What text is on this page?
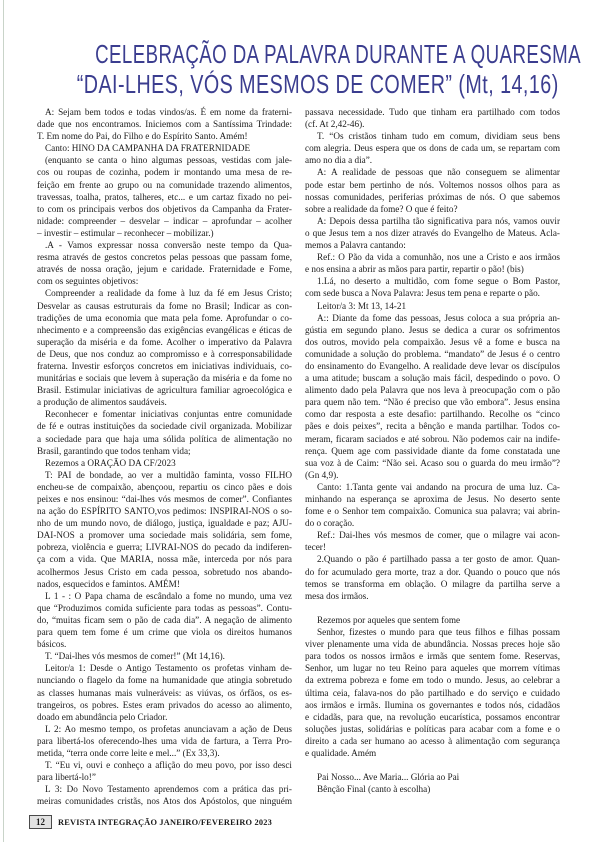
CELEBRAÇÃO DA PALAVRA DURANTE A QUARESMA
“DAI-LHES, VÓS MESMOS DE COMER” (Mt, 14,16)
A: Sejam bem todos e todas vindos/as. É em nome da fraterni-
dade que nos encontramos. Iniciemos com a Santíssima Trindade:
T. Em nome do Pai, do Filho e do Espírito Santo. Amém!
Canto: HINO DA CAMPANHA DA FRATERNIDADE
(enquanto se canta o hino algumas pessoas, vestidas com jale-
cos ou roupas de cozinha, podem ir montando uma mesa de re-
feição em frente ao grupo ou na comunidade trazendo alimentos,
travessas, toalha, pratos, talheres, etc... e um cartaz fixado no pei-
to com os principais verbos dos objetivos da Campanha da Frater-
nidade: compreender – desvelar – indicar – aprofundar – acolher
– investir – estimular – reconhecer – mobilizar.)
.A - Vamos expressar nossa conversão neste tempo da Qua-
resma através de gestos concretos pelas pessoas que passam fome,
através de nossa oração, jejum e caridade. Fraternidade e Fome,
com os seguintes objetivos:
Compreender a realidade da fome à luz da fé em Jesus Cristo;
Desvelar as causas estruturais da fome no Brasil; Indicar as con-
tradições de uma economia que mata pela fome. Aprofundar o co-
nhecimento e a compreensão das exigências evangélicas e éticas de
superação da miséria e da fome. Acolher o imperativo da Palavra
de Deus, que nos conduz ao compromisso e à corresponsabilidade
fraterna. Investir esforços concretos em iniciativas individuais, co-
munitárias e sociais que levem à superação da miséria e da fome no
Brasil. Estimular iniciativas de agricultura familiar agroecológica e
a produção de alimentos saudáveis.
Reconhecer e fomentar iniciativas conjuntas entre comunidade
de fé e outras instituições da sociedade civil organizada. Mobilizar
a sociedade para que haja uma sólida política de alimentação no
Brasil, garantindo que todos tenham vida;
Rezemos a ORAÇÃO DA CF/2023
T: PAI de bondade, ao ver a multidão faminta, vosso FILHO
encheu-se de compaixão, abençoou, repartiu os cinco pães e dois
peixes e nos ensinou: “dai-lhes vós mesmos de comer”. Confiantes
na ação do ESPÍRITO SANTO,vos pedimos: INSPIRAI-NOS o so-
nho de um mundo novo, de diálogo, justiça, igualdade e paz; AJU-
DAI-NOS a promover uma sociedade mais solidária, sem fome,
pobreza, violência e guerra; LIVRAI-NOS do pecado da indiferen-
ça com a vida. Que MARIA, nossa mãe, interceda por nós para
acolhermos Jesus Cristo em cada pessoa, sobretudo nos abando-
nados, esquecidos e famintos. AMÉM!
L 1 - : O Papa chama de escândalo a fome no mundo, uma vez
que “Produzimos comida suficiente para todas as pessoas”. Contu-
do, “muitas ficam sem o pão de cada dia”. A negação de alimento
para quem tem fome é um crime que viola os direitos humanos
básicos.
T. “Dai-lhes vós mesmos de comer!” (Mt 14,16).
Leitor/a 1: Desde o Antigo Testamento os profetas vinham de-
nunciando o flagelo da fome na humanidade que atingia sobretudo
as classes humanas mais vulneráveis: as viúvas, os órfãos, os es-
trangeiros, os pobres. Estes eram privados do acesso ao alimento,
doado em abundância pelo Criador.
L 2: Ao mesmo tempo, os profetas anunciavam a ação de Deus
para libertá-los oferecendo-lhes uma vida de fartura, a Terra Pro-
metida, “terra onde corre leite e mel...” (Ex 33,3).
T. “Eu vi, ouvi e conheço a aflição do meu povo, por isso desci
para libertá-lo!”
L 3: Do Novo Testamento aprendemos com a prática das pri-
meiras comunidades cristãs, nos Atos dos Apóstolos, que ninguém
passava necessidade. Tudo que tinham era partilhado com todos
(cf. At 2,42-46).
T. “Os cristãos tinham tudo em comum, dividiam seus bens
com alegria. Deus espera que os dons de cada um, se repartam com
amo no dia a dia”.
A: A realidade de pessoas que não conseguem se alimentar
pode estar bem pertinho de nós. Voltemos nossos olhos para as
nossas comunidades, periferias próximas de nós. O que sabemos
sobre a realidade da fome? O que é feito?
A: Depois dessa partilha tão significativa para nós, vamos ouvir
o que Jesus tem a nos dizer através do Evangelho de Mateus. Acla-
memos a Palavra cantando:
Ref.: O Pão da vida a comunhão, nos une a Cristo e aos irmãos
e nos ensina a abrir as mãos para partir, repartir o pão! (bis)
1.Lá, no deserto a multidão, com fome segue o Bom Pastor,
com sede busca a Nova Palavra: Jesus tem pena e reparte o pão.
Leitor/a 3: Mt 13, 14-21
A:: Diante da fome das pessoas, Jesus coloca a sua própria an-
gústia em segundo plano. Jesus se dedica a curar os sofrimentos
dos outros, movido pela compaixão. Jesus vê a fome e busca na
comunidade a solução do problema. “mandato” de Jesus é o centro
do ensinamento do Evangelho. A realidade deve levar os discípulos
a uma atitude; buscam a solução mais fácil, despedindo o povo. O
alimento dado pela Palavra que nos leva à preocupação com o pão
para quem não tem. “Não é preciso que vão embora”. Jesus ensina
como dar resposta a este desafio: partilhando. Recolhe os “cinco
pães e dois peixes”, recita a bênção e manda partilhar. Todos co-
meram, ficaram saciados e até sobrou. Não podemos cair na indife-
rença. Quem age com passividade diante da fome constatada une
sua voz à de Caim: “Não sei. Acaso sou o guarda do meu irmão”?
(Gn 4,9).
Canto: 1.Tanta gente vai andando na procura de uma luz. Ca-
minhando na esperança se aproxima de Jesus. No deserto sente
fome e o Senhor tem compaixão. Comunica sua palavra; vai abrin-
do o coração.
Ref.: Dai-lhes vós mesmos de comer, que o milagre vai acon-
tecer!
2.Quando o pão é partilhado passa a ter gosto de amor. Quan-
do for acumulado gera morte, traz a dor. Quando o pouco que nós
temos se transforma em oblação. O milagre da partilha serve a
mesa dos irmãos.
Rezemos por aqueles que sentem fome
Senhor, fizestes o mundo para que teus filhos e filhas possam
viver plenamente uma vida de abundância. Nossas preces hoje são
para todos os nossos irmãos e irmãs que sentem fome. Reservas,
Senhor, um lugar no teu Reino para aqueles que morrem vítimas
da extrema pobreza e fome em todo o mundo. Jesus, ao celebrar a
última ceia, falava-nos do pão partilhado e do serviço e cuidado
aos irmãos e irmãs. Ilumina os governantes e todos nós, cidadãos
e cidadãs, para que, na revolução eucarística, possamos encontrar
soluções justas, solidárias e políticas para acabar com a fome e o
direito a cada ser humano ao acesso à alimentação com segurança
e qualidade. Amém
Pai Nosso... Ave Maria... Glória ao Pai
Bênção Final (canto à escolha)
12	REVISTA INTEGRAÇÃO JANEIRO/FEVEREIRO 2023
